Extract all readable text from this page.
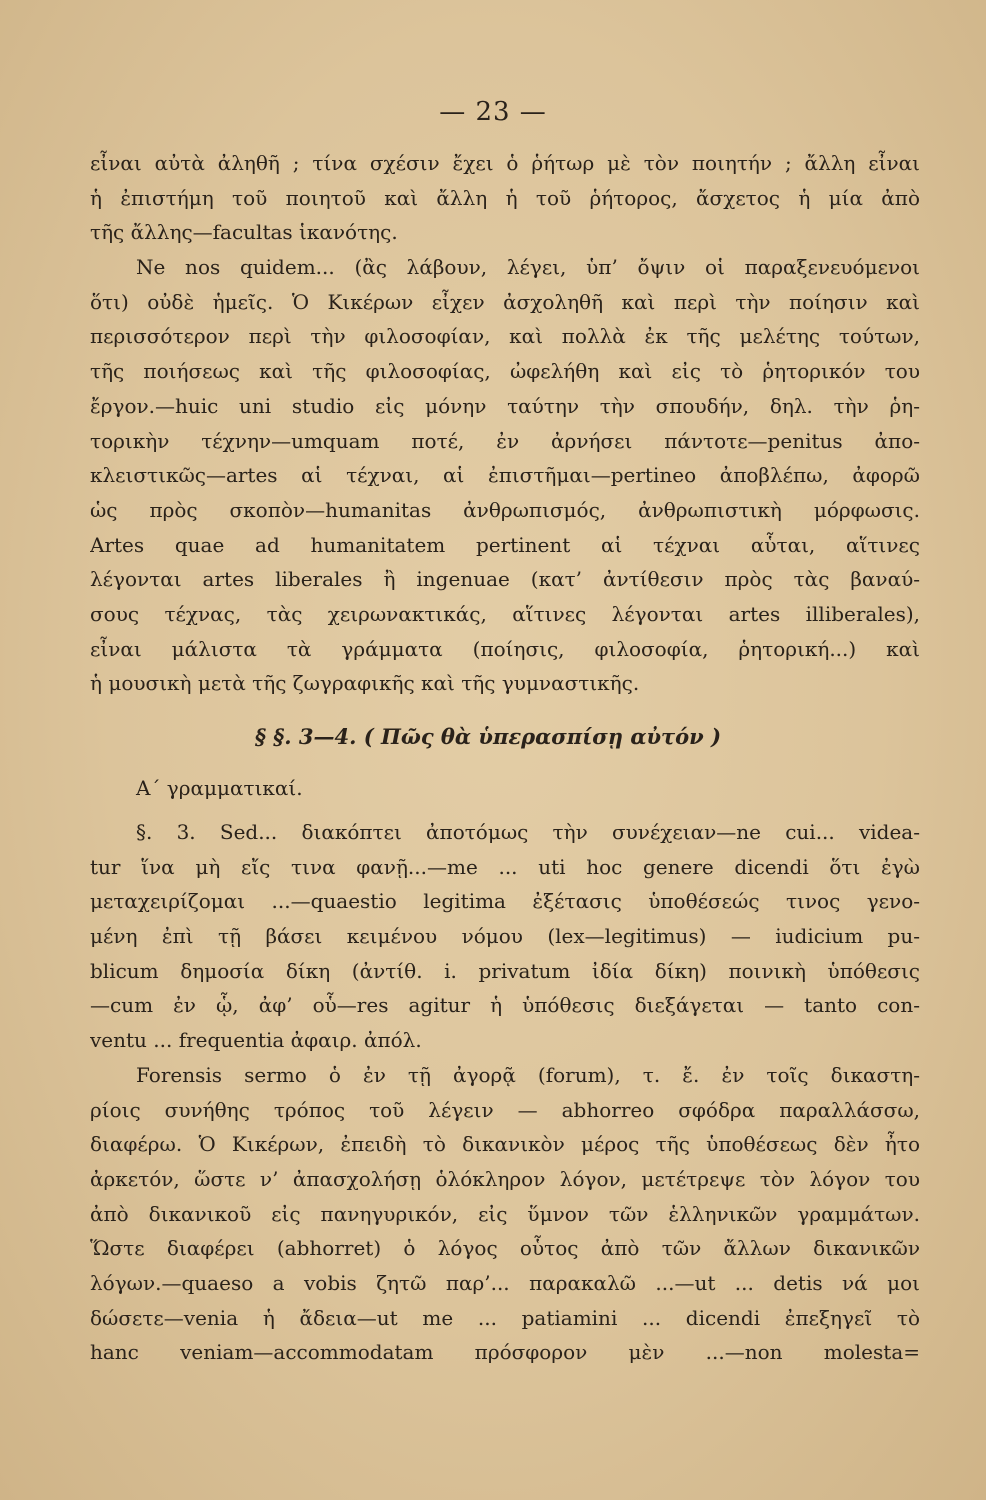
— 23 —
εἶναι αὐτὰ ἀληθῆ ; τίνα σχέσιν ἔχει ὁ ῥήτωρ μὲ τὸν ποιητήν ; ἄλλη εἶναι
ἡ ἐπιστήμη τοῦ ποιητοῦ καὶ ἄλλη ἡ τοῦ ῥήτορος, ἄσχετος ἡ μία ἀπὸ
τῆς ἄλλης—facultas ἱκανότης.
Ne nos quidem... (ἂς λάβουν, λέγει, ὑπ’ ὄψιν οἱ παραξενευόμενοι
ὅτι) οὐδὲ ἡμεῖς. Ὁ Κικέρων εἶχεν ἀσχοληθῆ καὶ περὶ τὴν ποίησιν καὶ
περισσότερον περὶ τὴν φιλοσοφίαν, καὶ πολλὰ ἐκ τῆς μελέτης τούτων,
τῆς ποιήσεως καὶ τῆς φιλοσοφίας, ὠφελήθη καὶ εἰς τὸ ῥητορικόν του
ἔργον.—huic uni studio εἰς μόνην ταύτην τὴν σπουδήν, δηλ. τὴν ῥη-
τορικὴν τέχνην—umquam ποτέ, ἐν ἀρνήσει πάντοτε—penitus ἀπο-
κλειστικῶς—artes αἱ τέχναι, αἱ ἐπιστῆμαι—pertineo ἀποβλέπω, ἀφορῶ
ὡς πρὸς σκοπὸν—humanitas ἀνθρωπισμός, ἀνθρωπιστικὴ μόρφωσις.
Artes quae ad humanitatem pertinent αἱ τέχναι αὗται, αἵτινες
λέγονται artes liberales ἢ ingenuae (κατ’ ἀντίθεσιν πρὸς τὰς βαναύ-
σους τέχνας, τὰς χειρωνακτικάς, αἵτινες λέγονται artes illiberales),
εἶναι μάλιστα τὰ γράμματα (ποίησις, φιλοσοφία, ῥητορική...) καὶ
ἡ μουσικὴ μετὰ τῆς ζωγραφικῆς καὶ τῆς γυμναστικῆς.
§ §. 3—4. ( Πῶς θὰ ὑπερασπίσῃ αὐτόν )
Α΄ γραμματικαί.
§. 3. Sed... διακόπτει ἀποτόμως τὴν συνέχειαν—ne cui... videa-
tur ἵνα μὴ εἴς τινα φανῇ...—me ... uti hoc genere dicendi ὅτι ἐγὼ
μεταχειρίζομαι ...—quaestio legitima ἐξέτασις ὑποθέσεώς τινος γενο-
μένη ἐπὶ τῇ βάσει κειμένου νόμου (lex—legitimus) — iudicium pu-
blicum δημοσία δίκη (ἀντίθ. i. privatum ἰδία δίκη) ποινικὴ ὑπόθεσις
—cum ἐν ᾧ, ἀφ’ οὗ—res agitur ἡ ὑπόθεσις διεξάγεται — tanto con-
ventu ... frequentia ἀφαιρ. ἀπόλ.
Forensis sermo ὁ ἐν τῇ ἀγορᾷ (forum), τ. ἔ. ἐν τοῖς δικαστη-
ρίοις συνήθης τρόπος τοῦ λέγειν — abhorreo σφόδρα παραλλάσσω,
διαφέρω. Ὁ Κικέρων, ἐπειδὴ τὸ δικανικὸν μέρος τῆς ὑποθέσεως δὲν ἦτο
ἀρκετόν, ὥστε ν’ ἀπασχολήσῃ ὁλόκληρον λόγον, μετέτρεψε τὸν λόγον του
ἀπὸ δικανικοῦ εἰς πανηγυρικόν, εἰς ὕμνον τῶν ἑλληνικῶν γραμμάτων.
Ὥστε διαφέρει (abhorret) ὁ λόγος οὗτος ἀπὸ τῶν ἄλλων δικανικῶν
λόγων.—quaeso a vobis ζητῶ παρ’... παρακαλῶ ...—ut ... detis νά μοι
δώσετε—venia ἡ ἄδεια—ut me ... patiamini ... dicendi ἐπεξηγεῖ τὸ
hanc veniam—accommodatam πρόσφορον μὲν ...—non molesta=
